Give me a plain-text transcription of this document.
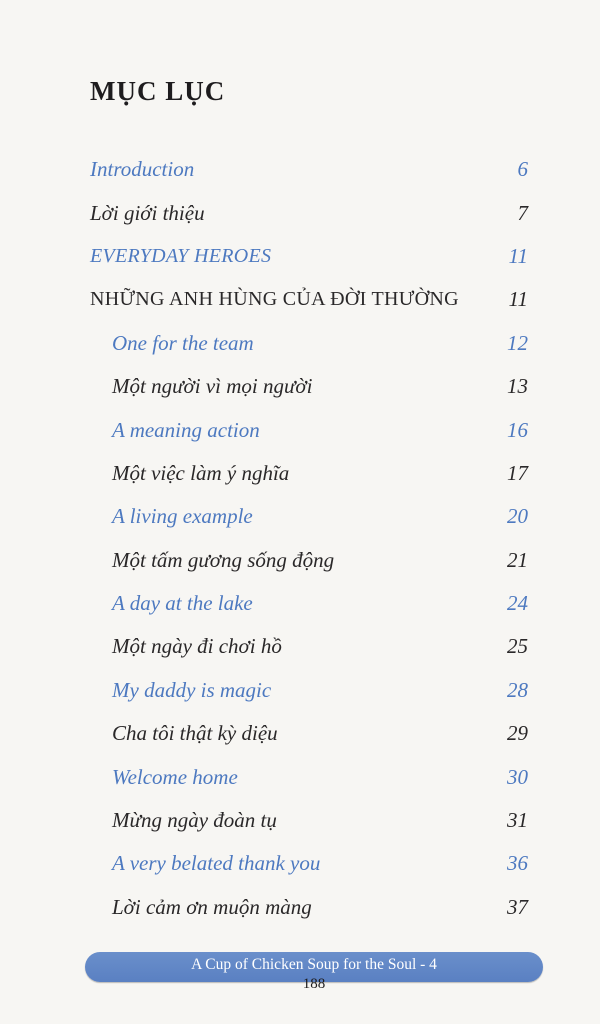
MỤC LỤC
Introduction	6
Lời giới thiệu	7
EVERYDAY HEROES	11
NHỮNG ANH HÙNG CỦA ĐỜI THƯỜNG	11
One for the team	12
Một người vì mọi người	13
A meaning action	16
Một việc làm ý nghĩa	17
A living example	20
Một tấm gương sống động	21
A day at the lake	24
Một ngày đi chơi hồ	25
My daddy is magic	28
Cha tôi thật kỳ diệu	29
Welcome home	30
Mừng ngày đoàn tụ	31
A very belated thank you	36
Lời cảm ơn muộn màng	37
A Cup of Chicken Soup for the Soul - 4
188
